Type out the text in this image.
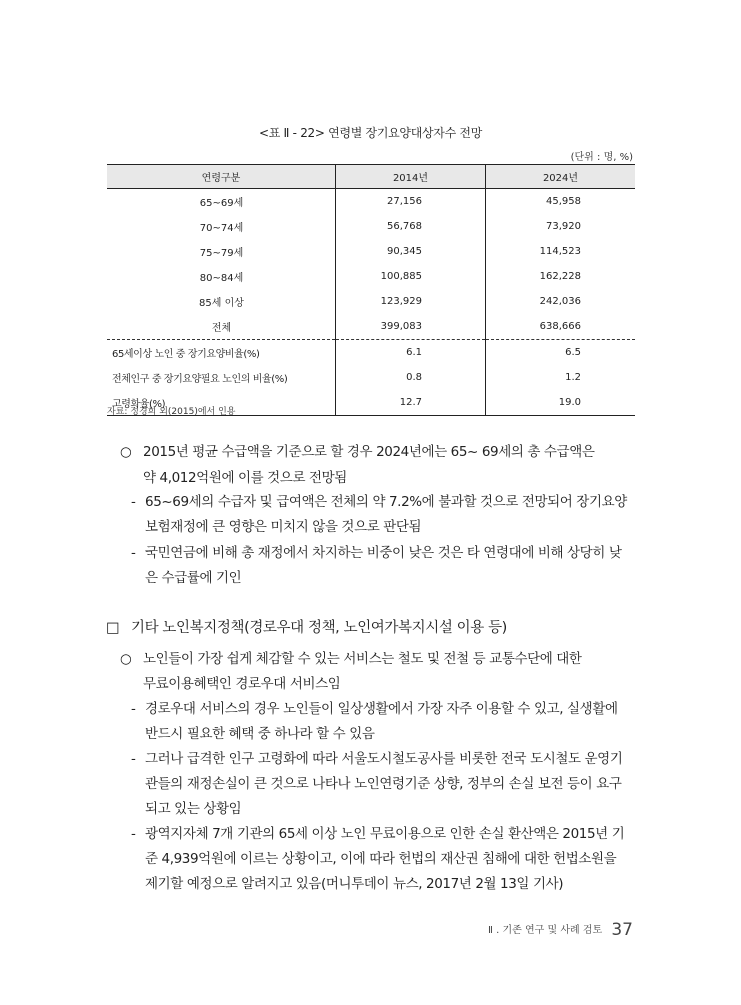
<표 Ⅱ - 22> 연령별 장기요양대상자수 전망
(단위 : 명, %)
연령구분	2014년	2024년
65~69세	27,156	45,958
70~74세	56,768	73,920
75~79세	90,345	114,523
80~84세	100,885	162,228
85세 이상	123,929	242,036
전체	399,083	638,666
65세이상 노인 중 장기요양비율(%)	6.1	6.5
전체인구 중 장기요양필요 노인의 비율(%)	0.8	1.2
고령화율(%)	12.7	19.0
자료: 정경희 외(2015)에서 인용
○ 2015년 평균 수급액을 기준으로 할 경우 2024년에는 65~ 69세의 총 수급액은
약 4,012억원에 이를 것으로 전망됨
- 65~69세의 수급자 및 급여액은 전체의 약 7.2%에 불과할 것으로 전망되어 장기요양
보험재정에 큰 영향은 미치지 않을 것으로 판단됨
- 국민연금에 비해 총 재정에서 차지하는 비중이 낮은 것은 타 연령대에 비해 상당히 낮
은 수급률에 기인
□ 기타 노인복지정책(경로우대 정책, 노인여가복지시설 이용 등)
○ 노인들이 가장 쉽게 체감할 수 있는 서비스는 철도 및 전철 등 교통수단에 대한
무료이용혜택인 경로우대 서비스임
- 경로우대 서비스의 경우 노인들이 일상생활에서 가장 자주 이용할 수 있고, 실생활에
반드시 필요한 혜택 중 하나라 할 수 있음
- 그러나 급격한 인구 고령화에 따라 서울도시철도공사를 비롯한 전국 도시철도 운영기
관들의 재정손실이 큰 것으로 나타나 노인연령기준 상향, 정부의 손실 보전 등이 요구
되고 있는 상황임
- 광역지자체 7개 기관의 65세 이상 노인 무료이용으로 인한 손실 환산액은 2015년 기
준 4,939억원에 이르는 상황이고, 이에 따라 헌법의 재산권 침해에 대한 헌법소원을
제기할 예정으로 알려지고 있음(머니투데이 뉴스, 2017년 2월 13일 기사)
Ⅱ . 기존 연구 및 사례 검토 37
